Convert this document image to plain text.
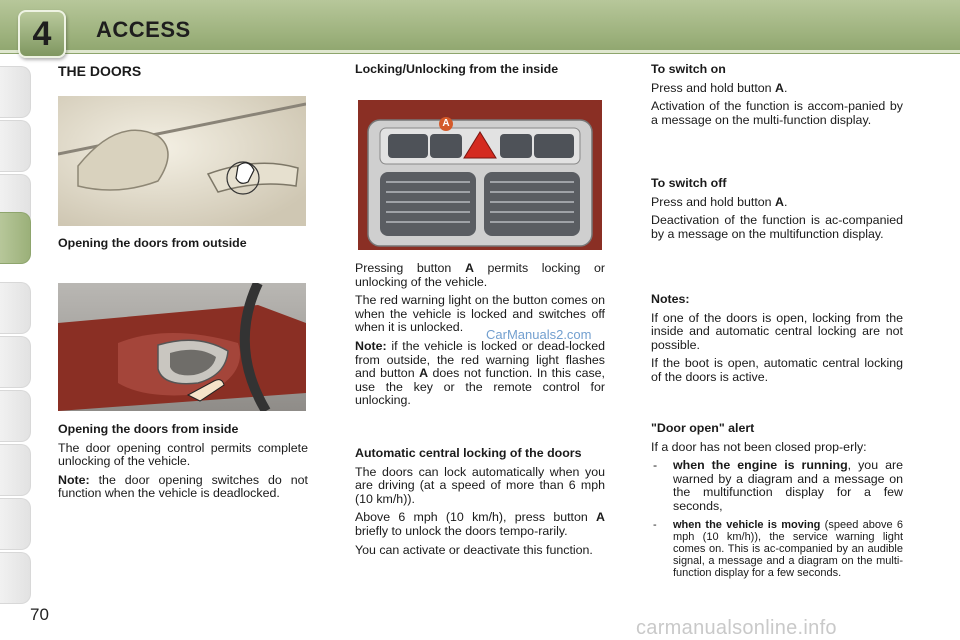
4	ACCESS
THE DOORS
Opening the doors from outside
Opening the doors from inside

The door opening control permits complete unlocking of the vehicle.

Note: the door opening switches do not function when the vehicle is deadlocked.

Locking/Unlocking from the inside
A

Pressing button A permits locking or unlocking of the vehicle.

The red warning light on the button comes on when the vehicle is locked and switches off when it is unlocked.

Note: if the vehicle is locked or dead-locked from outside, the red warning light flashes and button A does not function. In this case, use the key or the remote control for unlocking.

CarManuals2.com
Automatic central locking of the doors

The doors can lock automatically when you are driving (at a speed of more than 6 mph (10 km/h)).

Above 6 mph (10 km/h), press button A briefly to unlock the doors tempo-rarily.

You can activate or deactivate this function.

To switch on

Press and hold button A.

Activation of the function is accom-panied by a message on the multi-function display.

To switch off

Press and hold button A.

Deactivation of the function is ac-companied by a message on the multifunction display.

Notes:

If one of the doors is open, locking from the inside and automatic central locking are not possible.

If the boot is open, automatic central locking of the doors is active.

"Door open" alert

If a door has not been closed prop-erly:

- when the engine is running, you are warned by a diagram and a message on the multifunction display for a few seconds,
- when the vehicle is moving (speed above 6 mph (10 km/h)), the service warning light comes on. This is ac-companied by an audible signal, a message and a diagram on the multi-function display for a few seconds.
70
carmanualsonline.info
